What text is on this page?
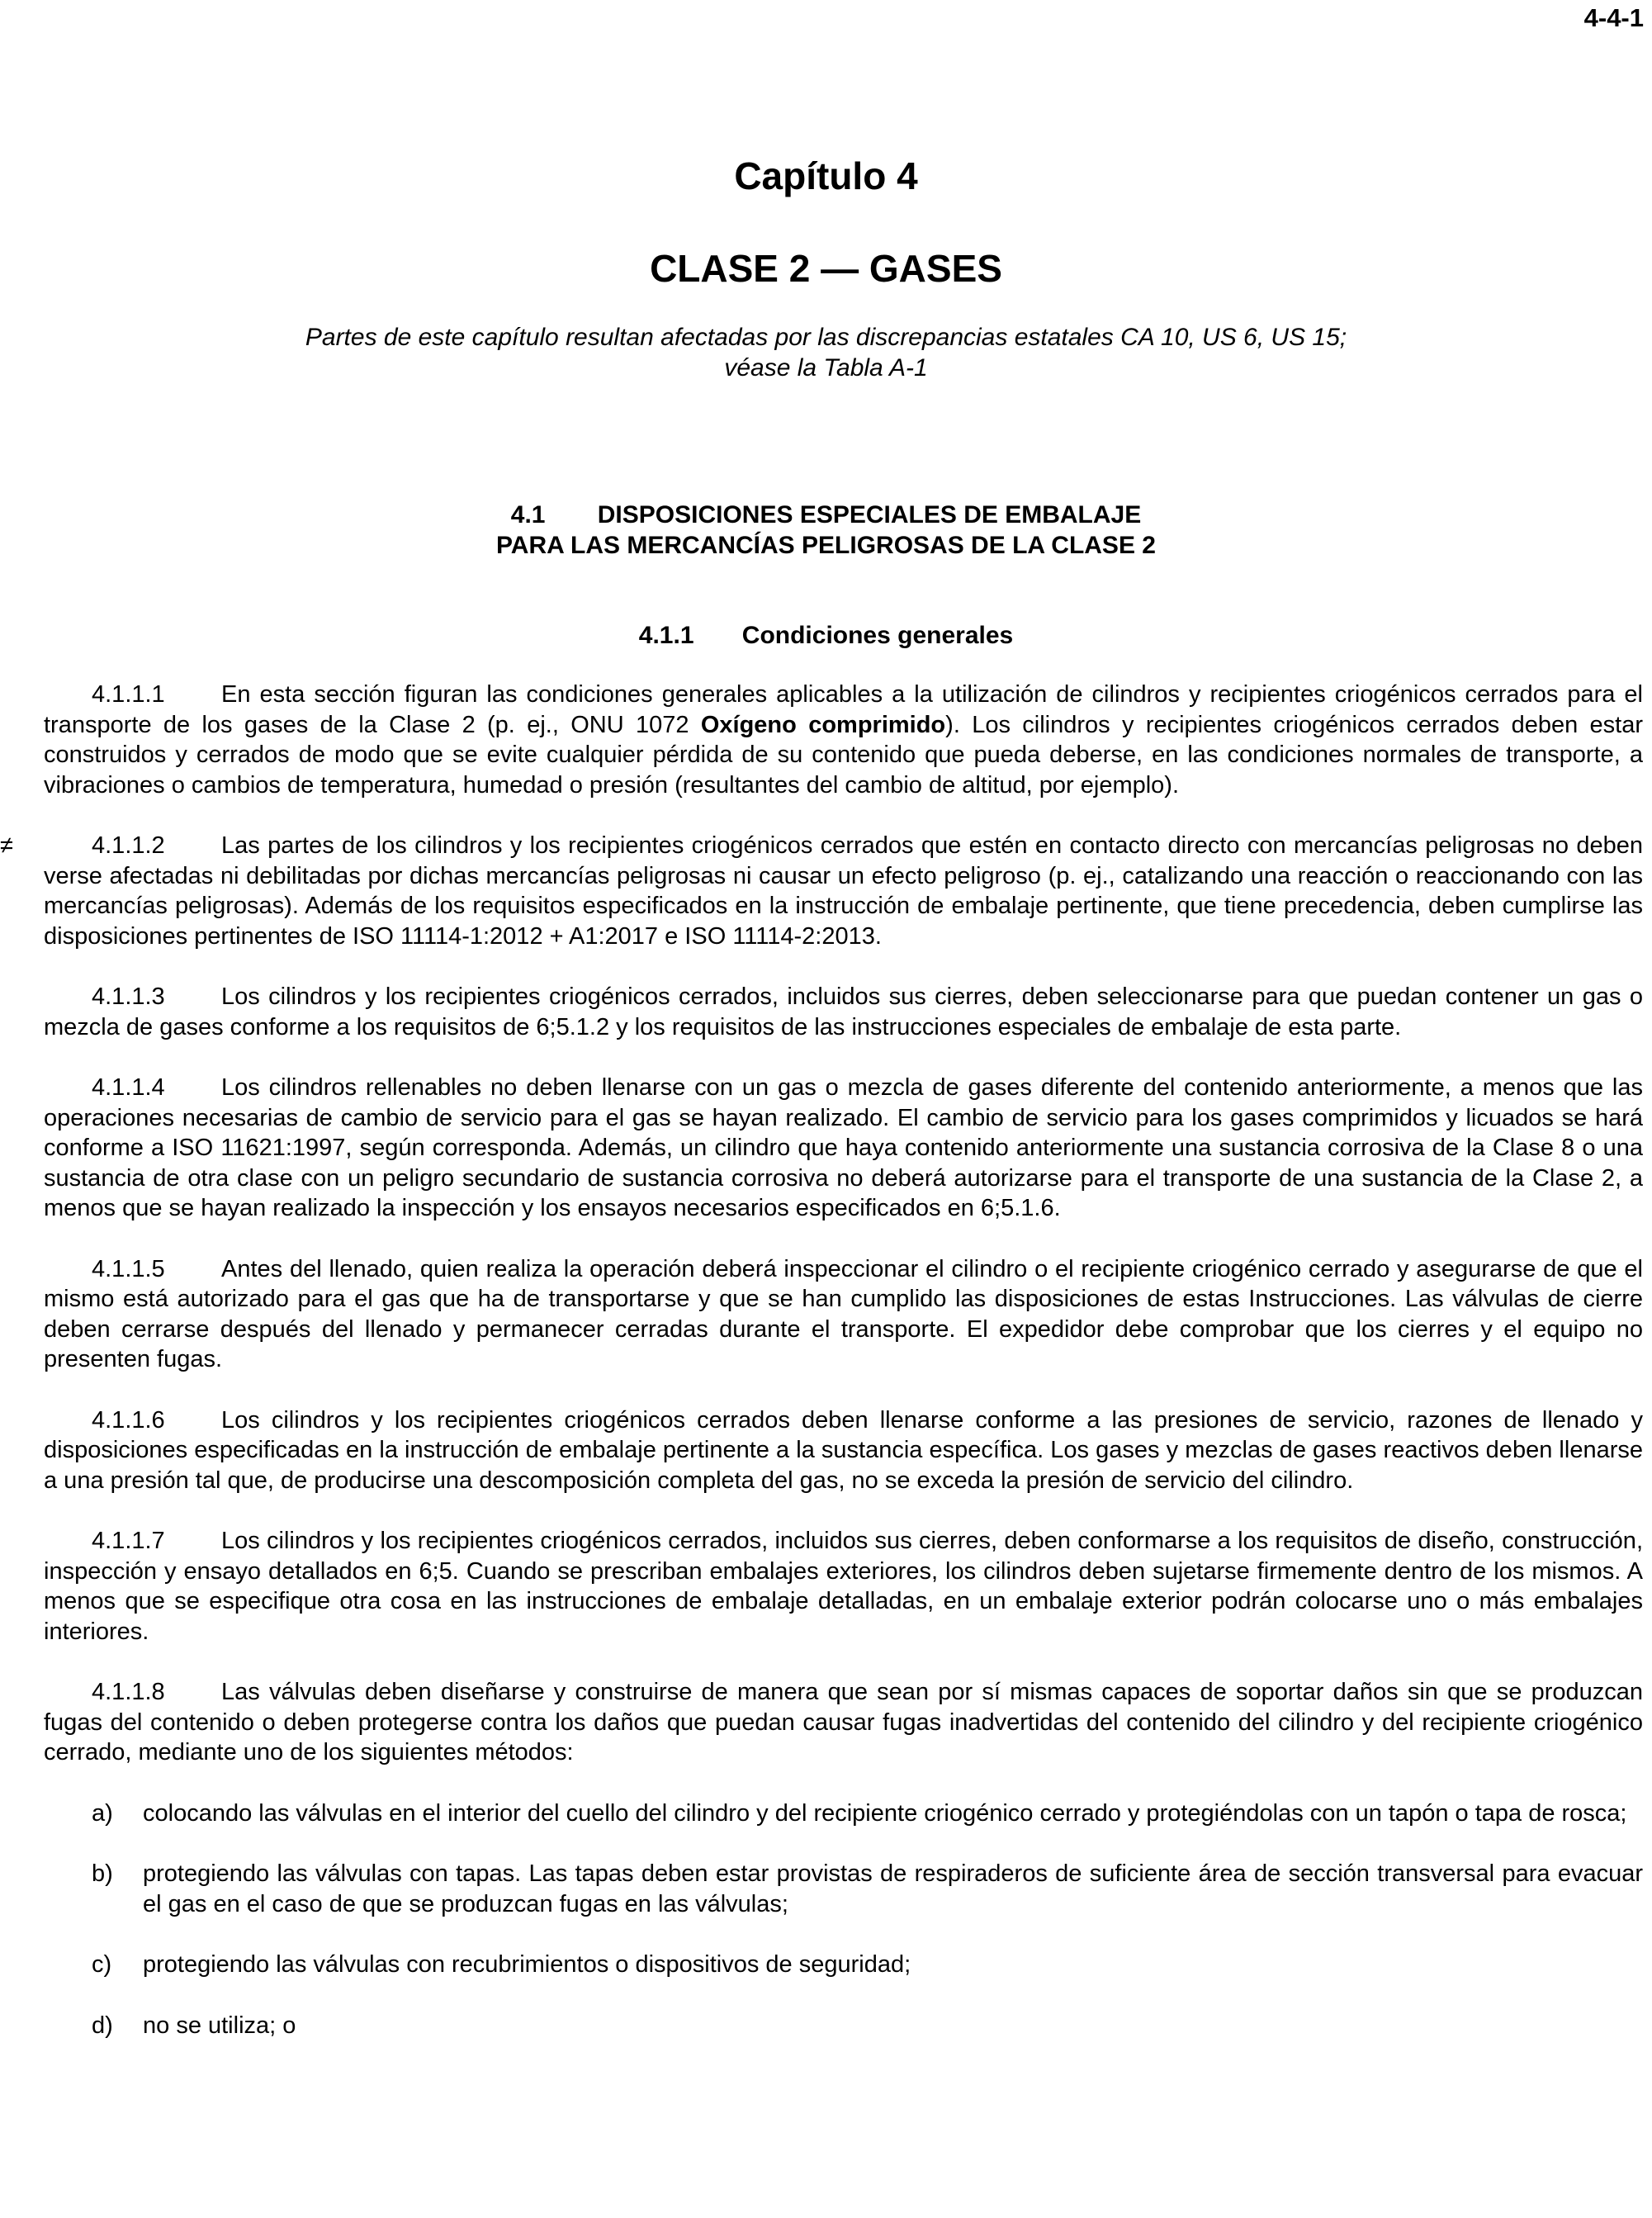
4-4-1
Capítulo 4
CLASE 2 — GASES
Partes de este capítulo resultan afectadas por las discrepancias estatales CA 10, US 6, US 15;
véase la Tabla A-1
4.1 DISPOSICIONES ESPECIALES DE EMBALAJE
PARA LAS MERCANCÍAS PELIGROSAS DE LA CLASE 2
4.1.1 Condiciones generales

4.1.1.1 En esta sección figuran las condiciones generales aplicables a la utilización de cilindros y recipientes criogénicos cerrados para el transporte de los gases de la Clase 2 (p. ej., ONU 1072 Oxígeno comprimido). Los cilindros y recipientes criogénicos cerrados deben estar construidos y cerrados de modo que se evite cualquier pérdida de su contenido que pueda deberse, en las condiciones normales de transporte, a vibraciones o cambios de temperatura, humedad o presión (resultantes del cambio de altitud, por ejemplo).

≠	4.1.1.2 Las partes de los cilindros y los recipientes criogénicos cerrados que estén en contacto directo con mercancías peligrosas no deben verse afectadas ni debilitadas por dichas mercancías peligrosas ni causar un efecto peligroso (p. ej., catalizando una reacción o reaccionando con las mercancías peligrosas). Además de los requisitos especificados en la instrucción de embalaje pertinente, que tiene precedencia, deben cumplirse las disposiciones pertinentes de ISO 11114-1:2012 + A1:2017 e ISO 11114-2:2013.

4.1.1.3 Los cilindros y los recipientes criogénicos cerrados, incluidos sus cierres, deben seleccionarse para que puedan contener un gas o mezcla de gases conforme a los requisitos de 6;5.1.2 y los requisitos de las instrucciones especiales de embalaje de esta parte.

4.1.1.4 Los cilindros rellenables no deben llenarse con un gas o mezcla de gases diferente del contenido anteriormente, a menos que las operaciones necesarias de cambio de servicio para el gas se hayan realizado. El cambio de servicio para los gases comprimidos y licuados se hará conforme a ISO 11621:1997, según corresponda. Además, un cilindro que haya contenido anteriormente una sustancia corrosiva de la Clase 8 o una sustancia de otra clase con un peligro secundario de sustancia corrosiva no deberá autorizarse para el transporte de una sustancia de la Clase 2, a menos que se hayan realizado la inspección y los ensayos necesarios especificados en 6;5.1.6.

4.1.1.5 Antes del llenado, quien realiza la operación deberá inspeccionar el cilindro o el recipiente criogénico cerrado y asegurarse de que el mismo está autorizado para el gas que ha de transportarse y que se han cumplido las disposiciones de estas Instrucciones. Las válvulas de cierre deben cerrarse después del llenado y permanecer cerradas durante el transporte. El expedidor debe comprobar que los cierres y el equipo no presenten fugas.

4.1.1.6 Los cilindros y los recipientes criogénicos cerrados deben llenarse conforme a las presiones de servicio, razones de llenado y disposiciones especificadas en la instrucción de embalaje pertinente a la sustancia específica. Los gases y mezclas de gases reactivos deben llenarse a una presión tal que, de producirse una descomposición completa del gas, no se exceda la presión de servicio del cilindro.

4.1.1.7 Los cilindros y los recipientes criogénicos cerrados, incluidos sus cierres, deben conformarse a los requisitos de diseño, construcción, inspección y ensayo detallados en 6;5. Cuando se prescriban embalajes exteriores, los cilindros deben sujetarse firmemente dentro de los mismos. A menos que se especifique otra cosa en las instrucciones de embalaje detalladas, en un embalaje exterior podrán colocarse uno o más embalajes interiores.

4.1.1.8 Las válvulas deben diseñarse y construirse de manera que sean por sí mismas capaces de soportar daños sin que se produzcan fugas del contenido o deben protegerse contra los daños que puedan causar fugas inadvertidas del contenido del cilindro y del recipiente criogénico cerrado, mediante uno de los siguientes métodos:

a) colocando las válvulas en el interior del cuello del cilindro y del recipiente criogénico cerrado y protegiéndolas con un tapón o tapa de rosca;
b) protegiendo las válvulas con tapas. Las tapas deben estar provistas de respiraderos de suficiente área de sección transversal para evacuar el gas en el caso de que se produzcan fugas en las válvulas;
c) protegiendo las válvulas con recubrimientos o dispositivos de seguridad;
d) no se utiliza; o
